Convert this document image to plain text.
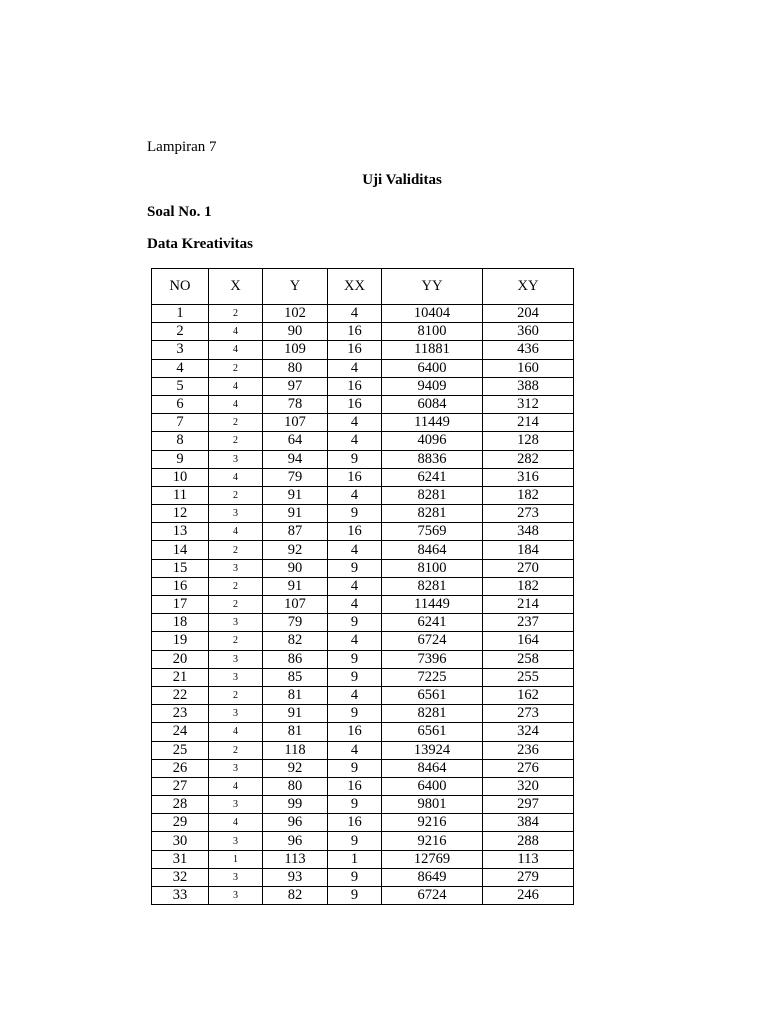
Lampiran 7
Uji Validitas
Soal No. 1
Data Kreativitas
NO	X	Y	XX	YY	XY
1	2	102	4	10404	204
2	4	90	16	8100	360
3	4	109	16	11881	436
4	2	80	4	6400	160
5	4	97	16	9409	388
6	4	78	16	6084	312
7	2	107	4	11449	214
8	2	64	4	4096	128
9	3	94	9	8836	282
10	4	79	16	6241	316
11	2	91	4	8281	182
12	3	91	9	8281	273
13	4	87	16	7569	348
14	2	92	4	8464	184
15	3	90	9	8100	270
16	2	91	4	8281	182
17	2	107	4	11449	214
18	3	79	9	6241	237
19	2	82	4	6724	164
20	3	86	9	7396	258
21	3	85	9	7225	255
22	2	81	4	6561	162
23	3	91	9	8281	273
24	4	81	16	6561	324
25	2	118	4	13924	236
26	3	92	9	8464	276
27	4	80	16	6400	320
28	3	99	9	9801	297
29	4	96	16	9216	384
30	3	96	9	9216	288
31	1	113	1	12769	113
32	3	93	9	8649	279
33	3	82	9	6724	246
